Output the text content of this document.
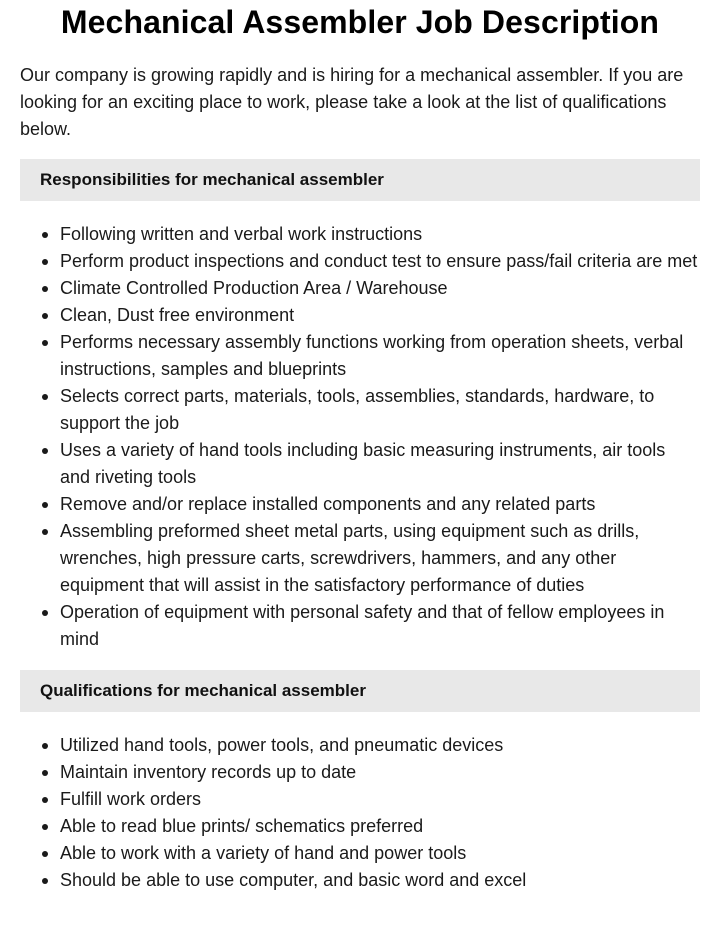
Mechanical Assembler Job Description

Our company is growing rapidly and is hiring for a mechanical assembler. If you are looking for an exciting place to work, please take a look at the list of qualifications below.

Responsibilities for mechanical assembler
Following written and verbal work instructions
Perform product inspections and conduct test to ensure pass/fail criteria are met
Climate Controlled Production Area / Warehouse
Clean, Dust free environment
Performs necessary assembly functions working from operation sheets, verbal instructions, samples and blueprints
Selects correct parts, materials, tools, assemblies, standards, hardware, to support the job
Uses a variety of hand tools including basic measuring instruments, air tools and riveting tools
Remove and/or replace installed components and any related parts
Assembling preformed sheet metal parts, using equipment such as drills, wrenches, high pressure carts, screwdrivers, hammers, and any other equipment that will assist in the satisfactory performance of duties
Operation of equipment with personal safety and that of fellow employees in mind
Qualifications for mechanical assembler
Utilized hand tools, power tools, and pneumatic devices
Maintain inventory records up to date
Fulfill work orders
Able to read blue prints/ schematics preferred
Able to work with a variety of hand and power tools
Should be able to use computer, and basic word and excel
